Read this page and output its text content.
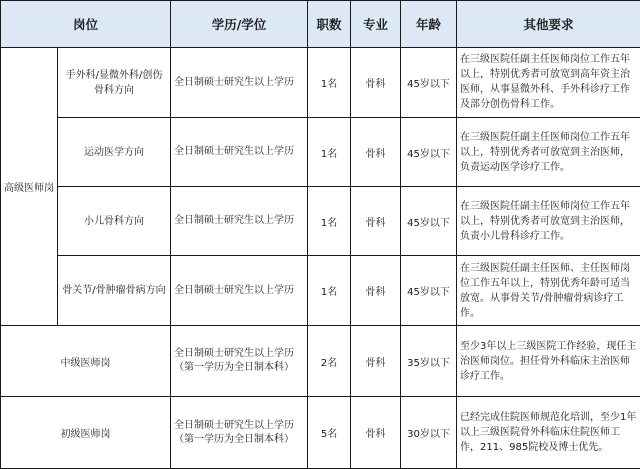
岗位		学历/学位	职数	专业	年龄	其他要求
高级医师岗	手外科/显微外科/创伤骨科方向	全日制硕士研究生以上学历	1名	骨科	45岁以下	在三级医院任副主任医师岗位工作五年以上，特别优秀者可放宽到高年资主治医师，从事显微外科、手外科诊疗工作及部分创伤骨科工作。
	运动医学方向	全日制硕士研究生以上学历	1名	骨科	45岁以下	在三级医院任副主任医师岗位工作五年以上，特别优秀者可放宽到主治医师，负责运动医学诊疗工作。
	小儿骨科方向	全日制硕士研究生以上学历	1名	骨科	45岁以下	在三级医院任副主任医师岗位工作五年以上，特别优秀者可放宽到主治医师，负责小儿骨科诊疗工作。
	骨关节/骨肿瘤骨病方向	全日制硕士研究生以上学历	1名	骨科	45岁以下	在三级医院任副主任医师、主任医师岗位工作五年以上，特别优秀年龄可适当放宽。从事骨关节/骨肿瘤骨病诊疗工作。
中级医师岗		全日制硕士研究生以上学历（第一学历为全日制本科）	2名	骨科	35岁以下	至少3年以上三级医院工作经验，现任主治医师岗位。担任骨外科临床主治医师诊疗工作。
初级医师岗		全日制硕士研究生以上学历（第一学历为全日制本科）	5名	骨科	30岁以下	已经完成住院医师规范化培训，至少1年以上三级医院骨外科临床住院医师工作，211、985院校及博士优先。
